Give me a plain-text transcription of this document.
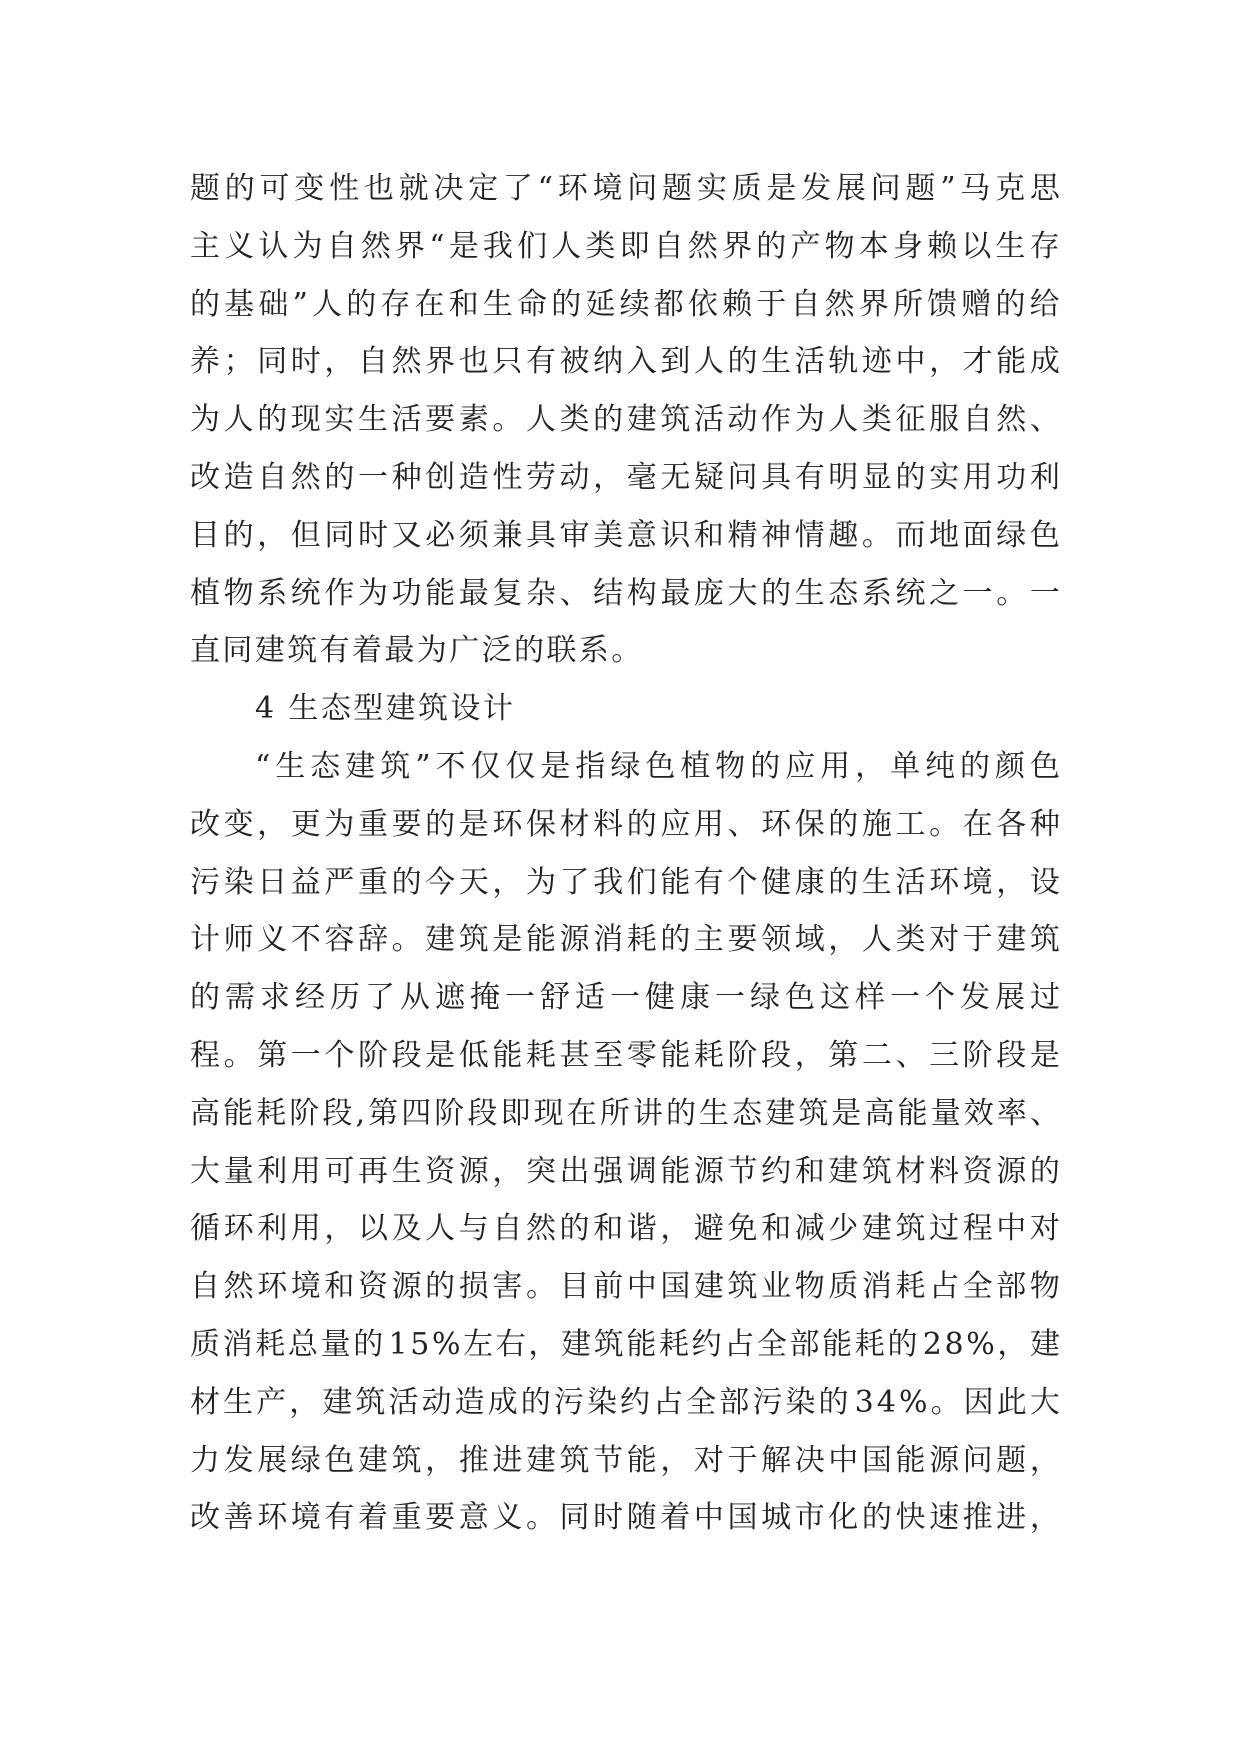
题 的 可 变 性 也 就 决 定 了 “ 环 境 问 题 实 质 是 发 展 问 题 ” 马 克 思
主 义 认 为 自 然 界 “ 是 我 们 人 类 即 自 然 界 的 产 物 本 身 赖 以 生 存
的 基 础 ” 人 的 存 在 和 生 命 的 延 续 都 依 赖 于 自 然 界 所 馈 赠 的 给
养 ； 同 时 ， 自 然 界 也 只 有 被 纳 入 到 人 的 生 活 轨 迹 中 ， 才 能 成
为 人 的 现 实 生 活 要 素 。 人 类 的 建 筑 活 动 作 为 人 类 征 服 自 然 、
改 造 自 然 的 一 种 创 造 性 劳 动 ， 毫 无 疑 问 具 有 明 显 的 实 用 功 利
目 的 ， 但 同 时 又 必 须 兼 具 审 美 意 识 和 精 神 情 趣 。 而 地 面 绿 色
植 物 系 统 作 为 功 能 最 复 杂 、 结 构 最 庞 大 的 生 态 系 统 之 一 。 一
直同建筑有着最为广泛的联系。
4 生态型建筑设计
“ 生 态 建 筑 ” 不 仅 仅 是 指 绿 色 植 物 的 应 用 ， 单 纯 的 颜 色
改 变 ， 更 为 重 要 的 是 环 保 材 料 的 应 用 、 环 保 的 施 工 。 在 各 种
污 染 日 益 严 重 的 今 天 ， 为 了 我 们 能 有 个 健 康 的 生 活 环 境 ， 设
计 师 义 不 容 辞 。 建 筑 是 能 源 消 耗 的 主 要 领 域 ， 人 类 对 于 建 筑
的 需 求 经 历 了 从 遮 掩 一 舒 适 一 健 康 一 绿 色 这 样 一 个 发 展 过
程 。 第 一 个 阶 段 是 低 能 耗 甚 至 零 能 耗 阶 段 ， 第 二 、 三 阶 段 是
高 能 耗 阶 段 , 第 四 阶 段 即 现 在 所 讲 的 生 态 建 筑 是 高 能 量 效 率 、
大 量 利 用 可 再 生 资 源 ， 突 出 强 调 能 源 节 约 和 建 筑 材 料 资 源 的
循 环 利 用 ， 以 及 人 与 自 然 的 和 谐 ， 避 免 和 减 少 建 筑 过 程 中 对
自 然 环 境 和 资 源 的 损 害 。 目 前 中 国 建 筑 业 物 质 消 耗 占 全 部 物
质 消 耗 总 量 的 1 5 % 左 右 ， 建 筑 能 耗 约 占 全 部 能 耗 的 2 8 % ， 建
材 生 产 ， 建 筑 活 动 造 成 的 污 染 约 占 全 部 污 染 的 3 4 % 。 因 此 大
力 发 展 绿 色 建 筑 ， 推 进 建 筑 节 能 ， 对 于 解 决 中 国 能 源 问 题 ，
改 善 环 境 有 着 重 要 意 义 。 同 时 随 着 中 国 城 市 化 的 快 速 推 进 ，
